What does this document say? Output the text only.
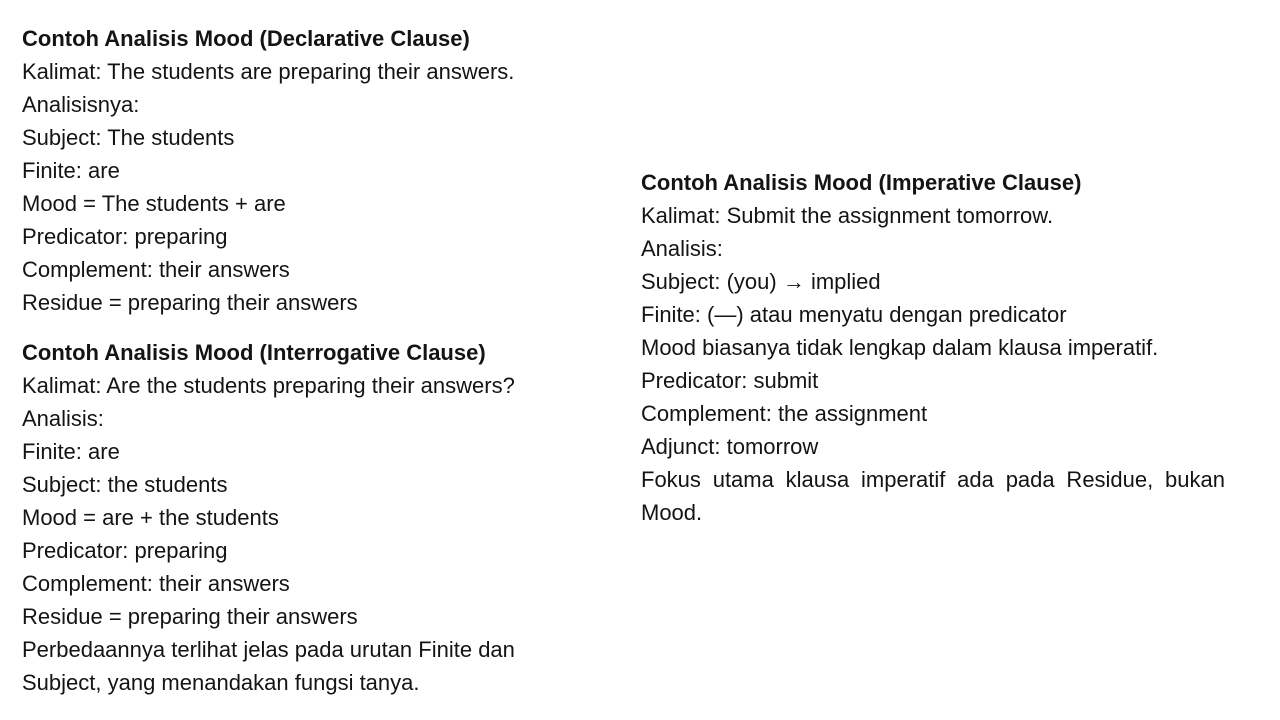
Contoh Analisis Mood (Declarative Clause)
Kalimat: The students are preparing their answers.
Analisisnya:
Subject: The students
Finite: are
Mood = The students + are
Predicator: preparing
Complement: their answers
Residue = preparing their answers
Contoh Analisis Mood (Interrogative Clause)
Kalimat: Are the students preparing their answers?
Analisis:
Finite: are
Subject: the students
Mood = are + the students
Predicator: preparing
Complement: their answers
Residue = preparing their answers
Perbedaannya terlihat jelas pada urutan Finite dan
Subject, yang menandakan fungsi tanya.
Contoh Analisis Mood (Imperative Clause)
Kalimat: Submit the assignment tomorrow.
Analisis:
Subject: (you) → implied
Finite: (—) atau menyatu dengan predicator
Mood biasanya tidak lengkap dalam klausa imperatif.
Predicator: submit
Complement: the assignment
Adjunct: tomorrow
Fokus utama klausa imperatif ada pada Residue, bukan Mood.
